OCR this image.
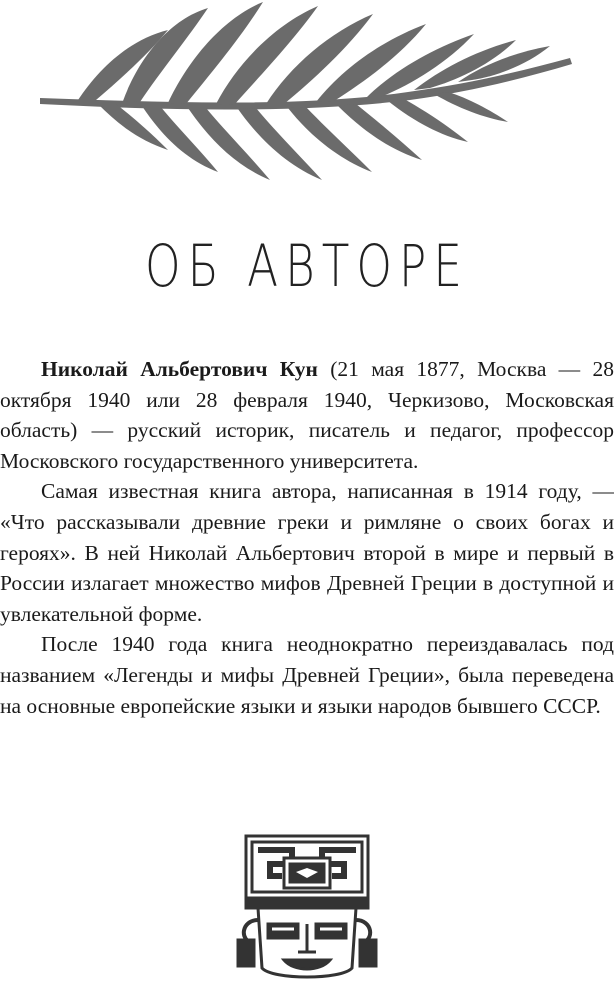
ОБ АВТОРЕ

Николай Альбертович Кун (21 мая 1877, Москва — 28 октября 1940 или 28 февраля 1940, Черкизово, Московская область) — русский историк, писатель и педагог, профессор Московского государственного университета.

Самая известная книга автора, написанная в 1914 году, — «Что рассказывали древние греки и римляне о своих богах и героях». В ней Николай Альбертович второй в мире и первый в России излагает множество мифов Древней Греции в доступной и увлекательной форме.

После 1940 года книга неоднократно переиздавалась под названием «Легенды и мифы Древней Греции», была переведена на основные европейские языки и языки народов бывшего СССР.
